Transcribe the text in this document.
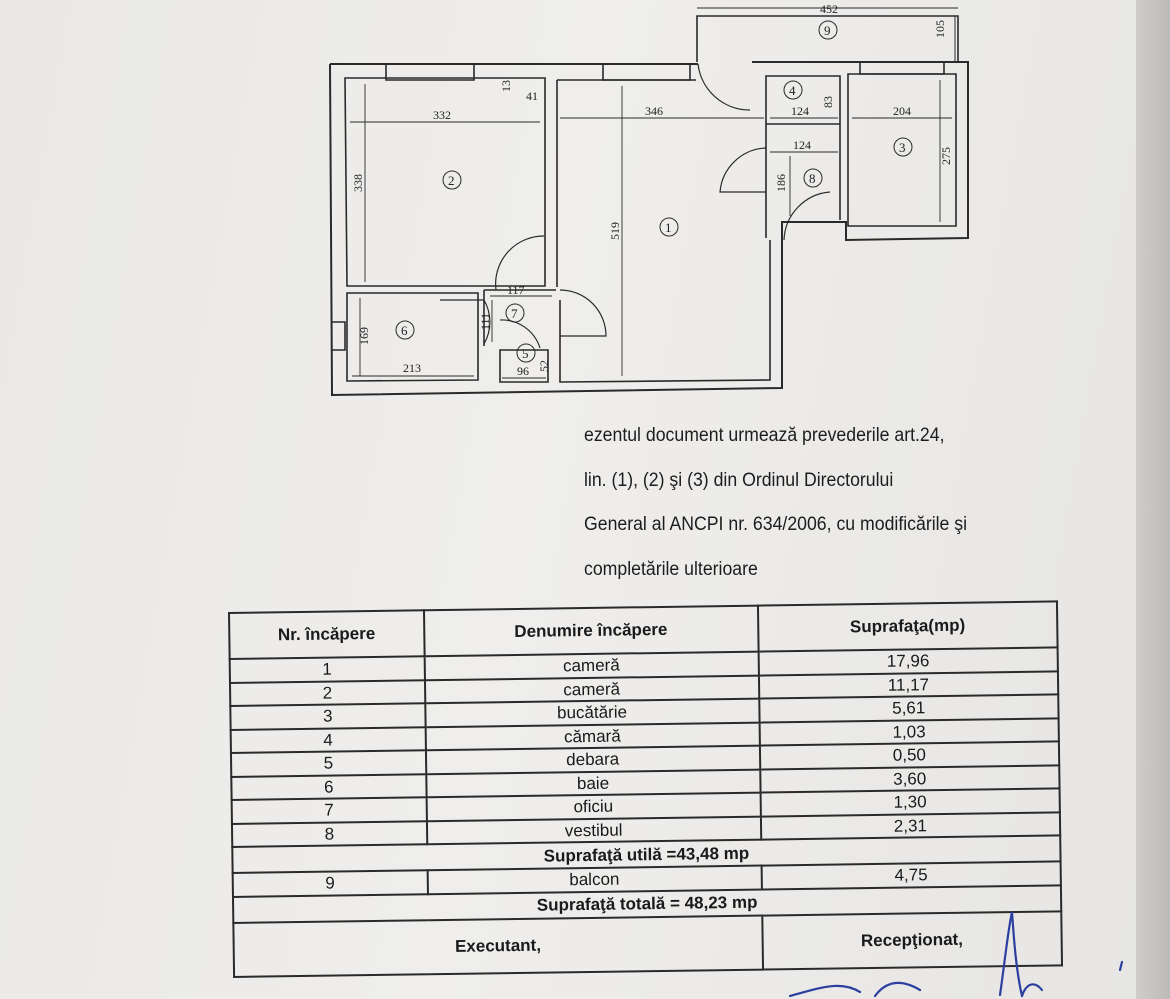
452
105
332
338
346
519
13
41
124
83
124
186
204
275
117
111
169
213	96 52
1
2
3
4
5
6
7
8
9
ezentul document urmează prevederile art.24,
lin. (1), (2) şi (3) din Ordinul Directorului
General al ANCPI nr. 634/2006, cu modificările şi
completările ulterioare
Nr. încăpere	Denumire încăpere	Suprafaţa(mp)
1	cameră	17,96
2	cameră	11,17
3	bucătărie	5,61
4	cămară	1,03
5	debara	0,50
6	baie	3,60
7	oficiu	1,30
8	vestibul	2,31
Suprafaţă utilă =43,48 mp		
9	balcon	4,75
Suprafaţă totală = 48,23 mp		
Executant,		Recepţionat,
